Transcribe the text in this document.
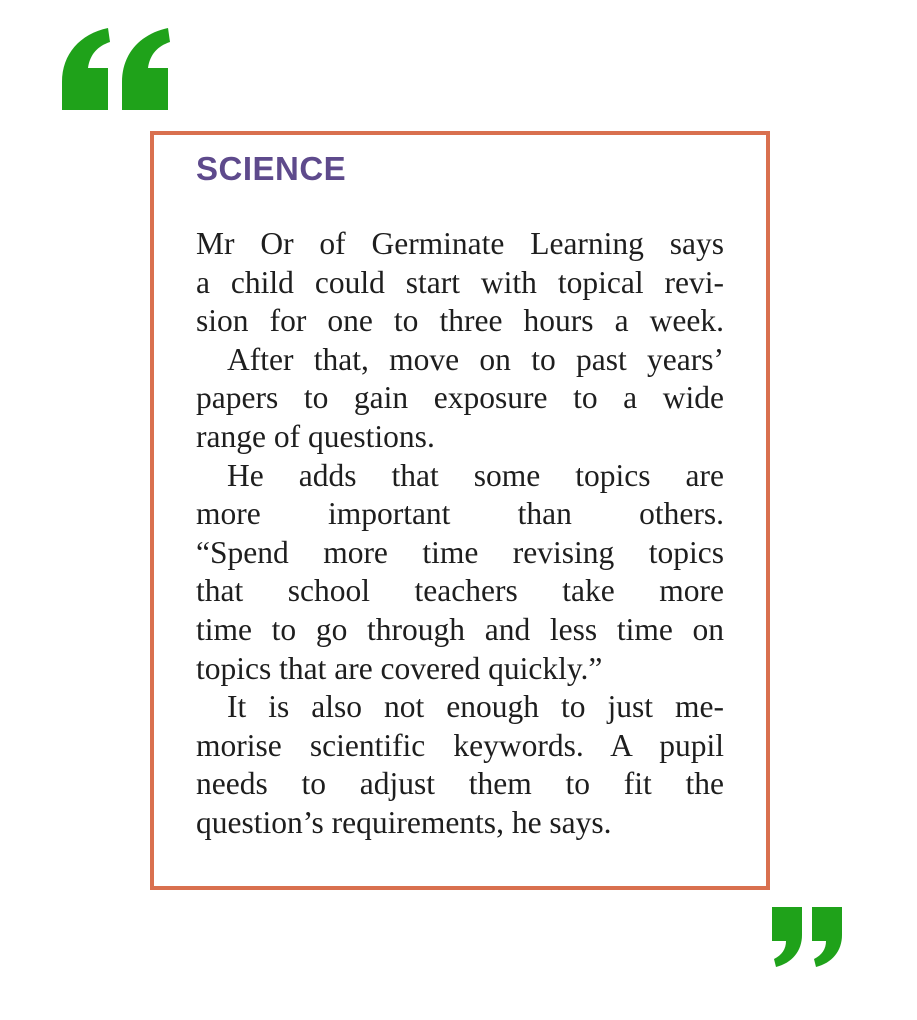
SCIENCE

Mr Or of Germinate Learning says
a child could start with topical revi-
sion for one to three hours a week.

After that, move on to past years’
papers to gain exposure to a wide
range of questions.

He adds that some topics are
more important than others.
“Spend more time revising topics
that school teachers take more
time to go through and less time on
topics that are covered quickly.”

It is also not enough to just me-
morise scientific keywords. A pupil
needs to adjust them to fit the
question’s requirements, he says.
